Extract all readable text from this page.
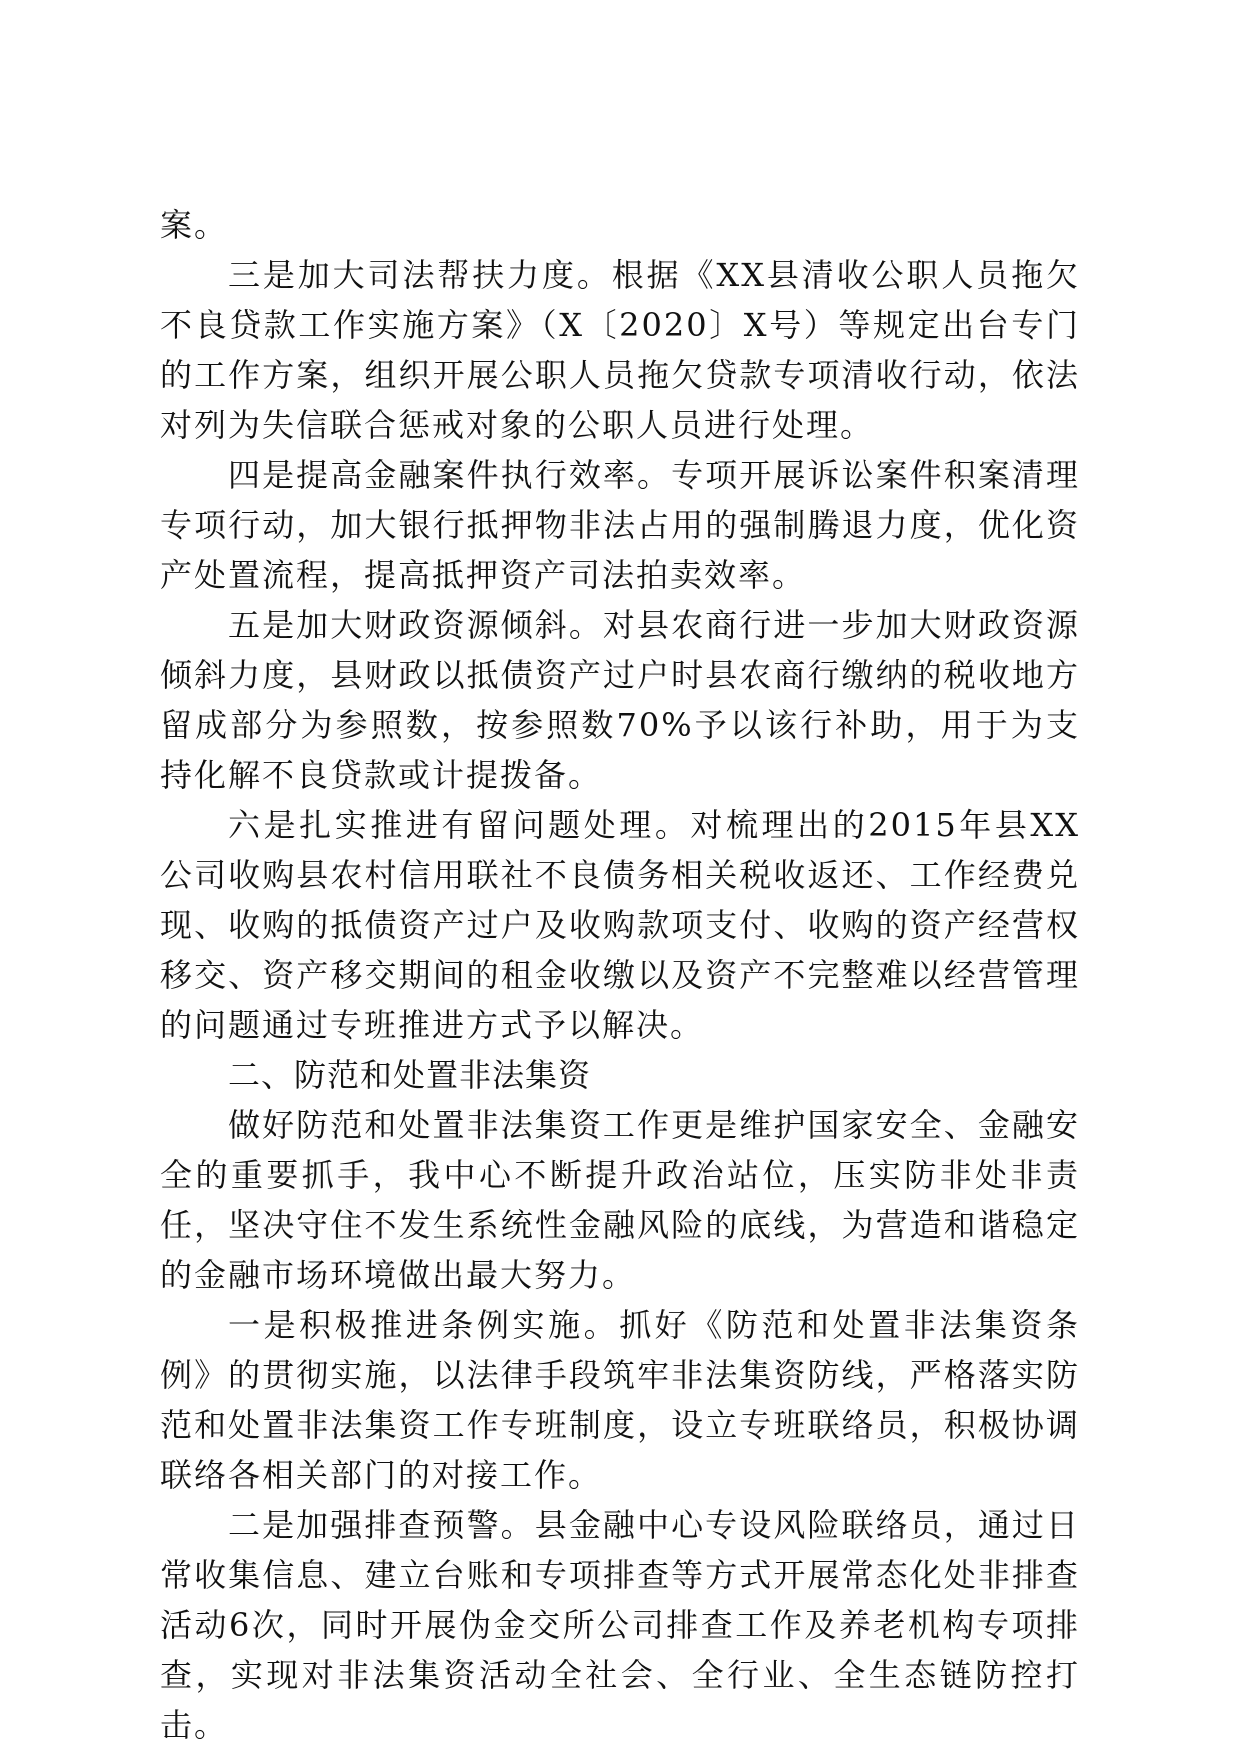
案。

三是加大司法帮扶力度。根据《XX县清收公职人员拖欠不良贷款工作实施方案》（X〔2020〕X号）等规定出台专门的工作方案，组织开展公职人员拖欠贷款专项清收行动，依法对列为失信联合惩戒对象的公职人员进行处理。

四是提高金融案件执行效率。专项开展诉讼案件积案清理专项行动，加大银行抵押物非法占用的强制腾退力度，优化资产处置流程，提高抵押资产司法拍卖效率。

五是加大财政资源倾斜。对县农商行进一步加大财政资源倾斜力度，县财政以抵债资产过户时县农商行缴纳的税收地方留成部分为参照数，按参照数70%予以该行补助，用于为支持化解不良贷款或计提拨备。

六是扎实推进有留问题处理。对梳理出的2015年县XX公司收购县农村信用联社不良债务相关税收返还、工作经费兑现、收购的抵债资产过户及收购款项支付、收购的资产经营权移交、资产移交期间的租金收缴以及资产不完整难以经营管理的问题通过专班推进方式予以解决。

二、防范和处置非法集资

做好防范和处置非法集资工作更是维护国家安全、金融安全的重要抓手，我中心不断提升政治站位，压实防非处非责任，坚决守住不发生系统性金融风险的底线，为营造和谐稳定的金融市场环境做出最大努力。

一是积极推进条例实施。抓好《防范和处置非法集资条例》的贯彻实施，以法律手段筑牢非法集资防线，严格落实防范和处置非法集资工作专班制度，设立专班联络员，积极协调联络各相关部门的对接工作。

二是加强排查预警。县金融中心专设风险联络员，通过日常收集信息、建立台账和专项排查等方式开展常态化处非排查活动6次，同时开展伪金交所公司排查工作及养老机构专项排查，实现对非法集资活动全社会、全行业、全生态链防控打击。
